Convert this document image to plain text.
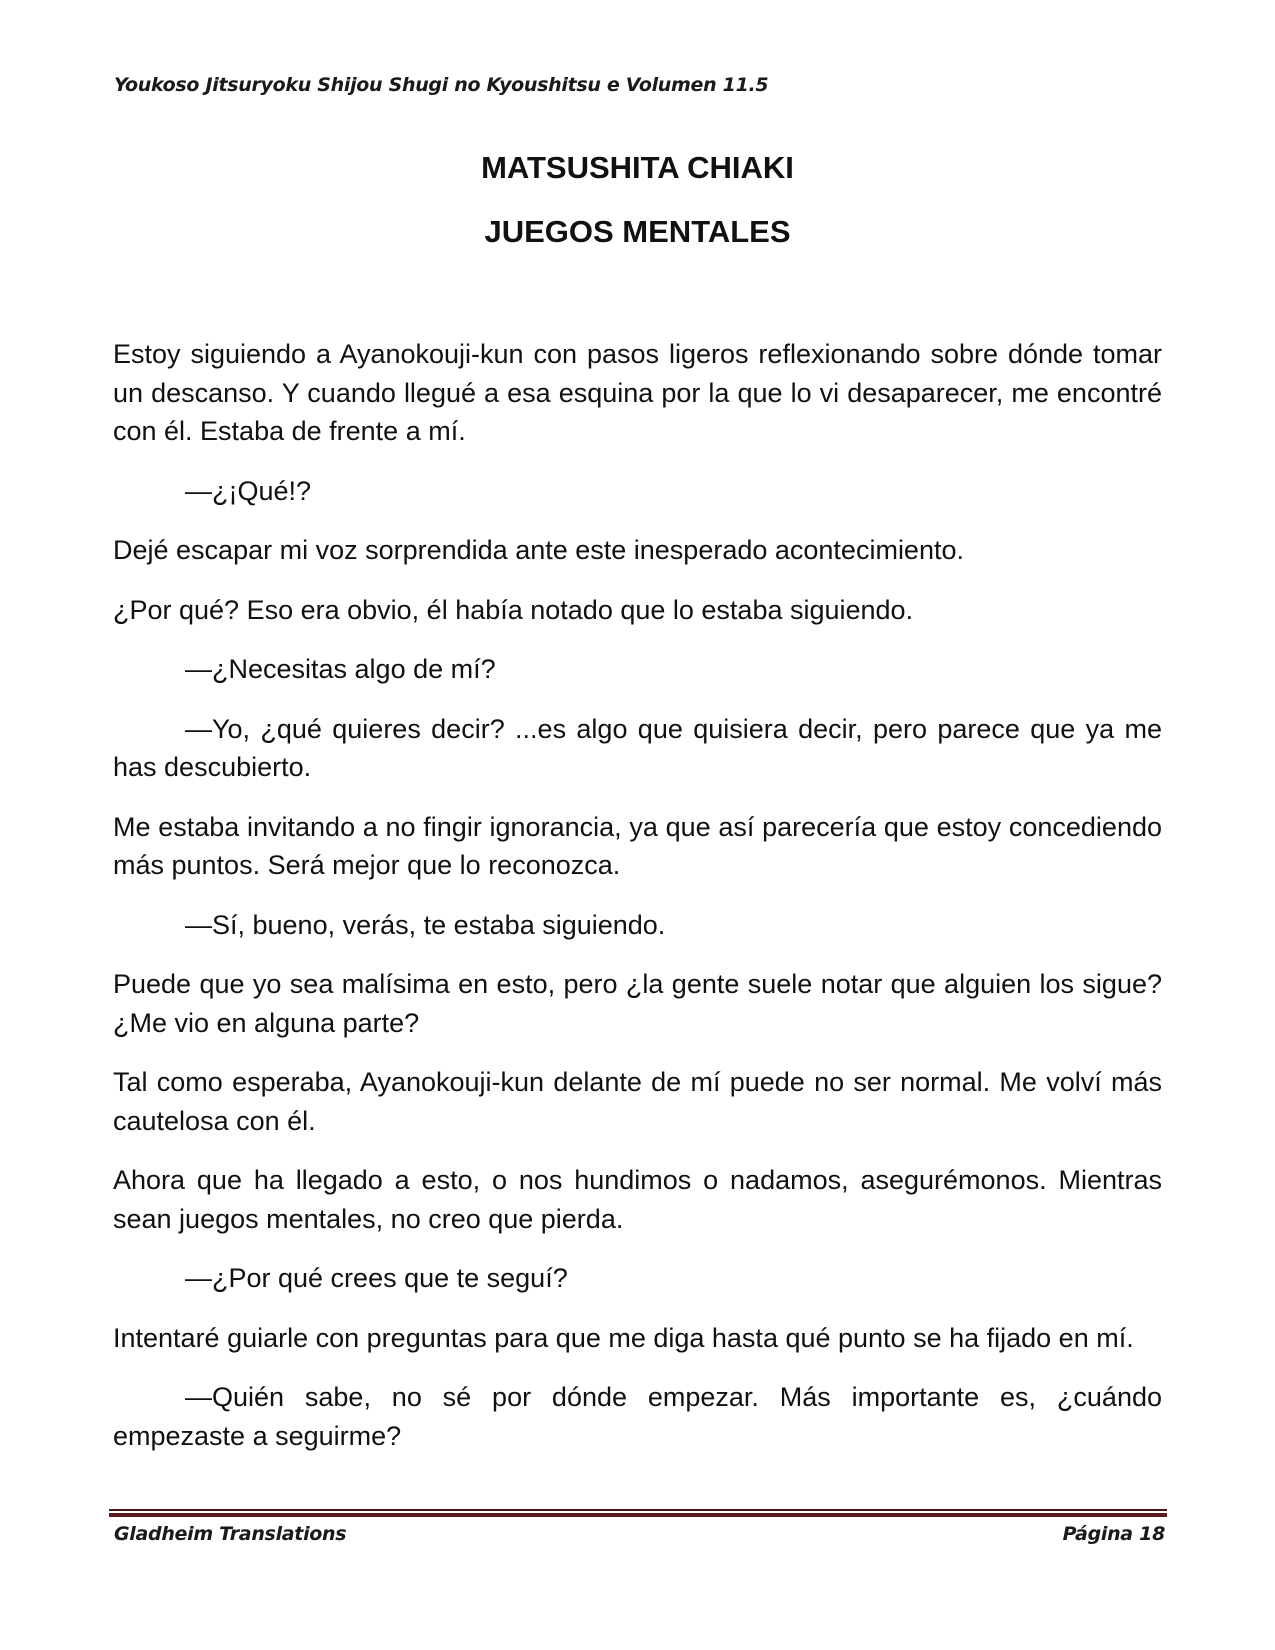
Youkoso Jitsuryoku Shijou Shugi no Kyoushitsu e Volumen 11.5
MATSUSHITA CHIAKI
JUEGOS MENTALES

Estoy siguiendo a Ayanokouji-kun con pasos ligeros reflexionando sobre dónde tomar un descanso. Y cuando llegué a esa esquina por la que lo vi desaparecer, me encontré con él. Estaba de frente a mí.

—¿¡Qué!?

Dejé escapar mi voz sorprendida ante este inesperado acontecimiento.

¿Por qué? Eso era obvio, él había notado que lo estaba siguiendo.

—¿Necesitas algo de mí?

—Yo, ¿qué quieres decir? ...es algo que quisiera decir, pero parece que ya me has descubierto.

Me estaba invitando a no fingir ignorancia, ya que así parecería que estoy concediendo más puntos. Será mejor que lo reconozca.

—Sí, bueno, verás, te estaba siguiendo.

Puede que yo sea malísima en esto, pero ¿la gente suele notar que alguien los sigue? ¿Me vio en alguna parte?

Tal como esperaba, Ayanokouji-kun delante de mí puede no ser normal. Me volví más cautelosa con él.

Ahora que ha llegado a esto, o nos hundimos o nadamos, asegurémonos. Mientras sean juegos mentales, no creo que pierda.

—¿Por qué crees que te seguí?

Intentaré guiarle con preguntas para que me diga hasta qué punto se ha fijado en mí.

—Quién sabe, no sé por dónde empezar. Más importante es, ¿cuándo empezaste a seguirme?

Gladheim Translations	Página 18
